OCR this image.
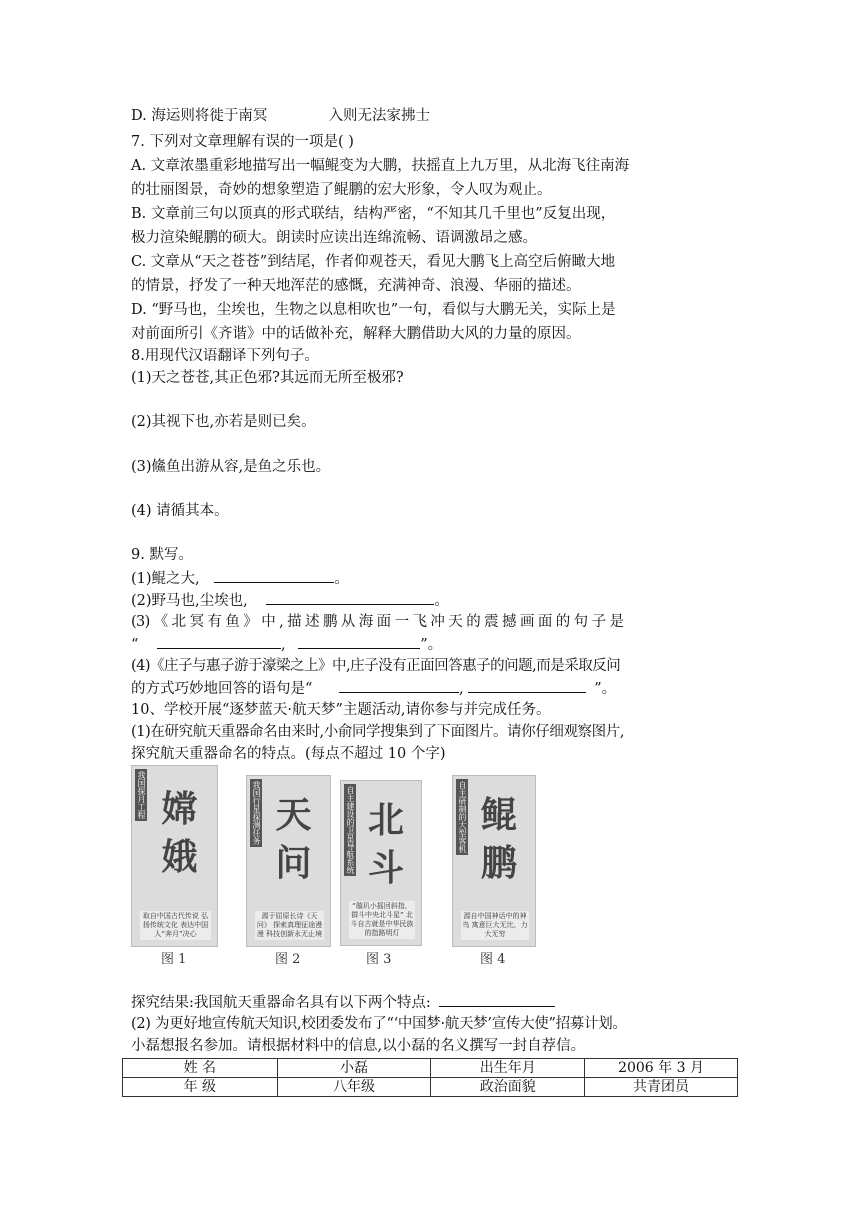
D. 海运则将徙于南冥	入则无法家拂士
7. 下列对文章理解有误的一项是( )
A. 文章浓墨重彩地描写出一幅鲲变为大鹏，扶摇直上九万里，从北海飞往南海
的壮丽图景，奇妙的想象塑造了鲲鹏的宏大形象，令人叹为观止。
B. 文章前三句以顶真的形式联结，结构严密，“不知其几千里也”反复出现，
极力渲染鲲鹏的硕大。朗读时应读出连绵流畅、语调激昂之感。
C. 文章从“天之苍苍”到结尾，作者仰观苍天，看见大鹏飞上高空后俯瞰大地
的情景，抒发了一种天地浑茫的感慨，充满神奇、浪漫、华丽的描述。
D. “野马也，尘埃也，生物之以息相吹也”一句，看似与大鹏无关，实际上是
对前面所引《齐谐》中的话做补充，解释大鹏借助大风的力量的原因。
8.用现代汉语翻译下列句子。
(1)天之苍苍,其正色邪?其远而无所至极邪?
(2)其视下也,亦若是则已矣。
(3)鯈鱼出游从容,是鱼之乐也。
(4) 请循其本。
9. 默写。
(1)鲲之大,	。
(2)野马也,尘埃也,	。
(3) 《 北 冥 有 鱼 》 中 , 描 述 鹏 从 海 面 一 飞 冲 天 的 震 撼 画 面 的 句 子 是
“	,	”。
(4)《庄子与惠子游于濠梁之上》中,庄子没有正面回答惠子的问题,而是采取反问
的方式巧妙地回答的语句是“	,	”。
10、学校开展“逐梦蓝天·航天梦”主题活动,请你参与并完成任务。
(1)在研究航天重器命名由来时,小俞同学搜集到了下面图片。请你仔细观察图片,
探究航天重器命名的特点。(每点不超过 10 个字)
我国探月工程 嫦娥
取自中国古代传说 弘扬传统文化 表达中国人“奔月”决心
我国行星探测任务 天问
源于屈原长诗《天问》 探索真理征途漫漫 科技创新永无止境
自主建设的卫星导航系统 北斗
“璇玑小摇回斜指，群斗中央北斗星” 北斗自古就是中华民族的指路明灯
自主研制的大型客机 鲲鹏
源自中国神话中的神鸟 寓意巨大无比，力大无穷
图 1	图 2	图 3	图 4
探究结果:我国航天重器命名具有以下两个特点:
(2) 为更好地宣传航天知识,校团委发布了“‘中国梦·航天梦’宣传大使”招募计划。
小磊想报名参加。请根据材料中的信息,以小磊的名义撰写一封自荐信。
姓 名	小磊	出生年月	2006 年 3 月
年 级	八年级	政治面貌	共青团员
